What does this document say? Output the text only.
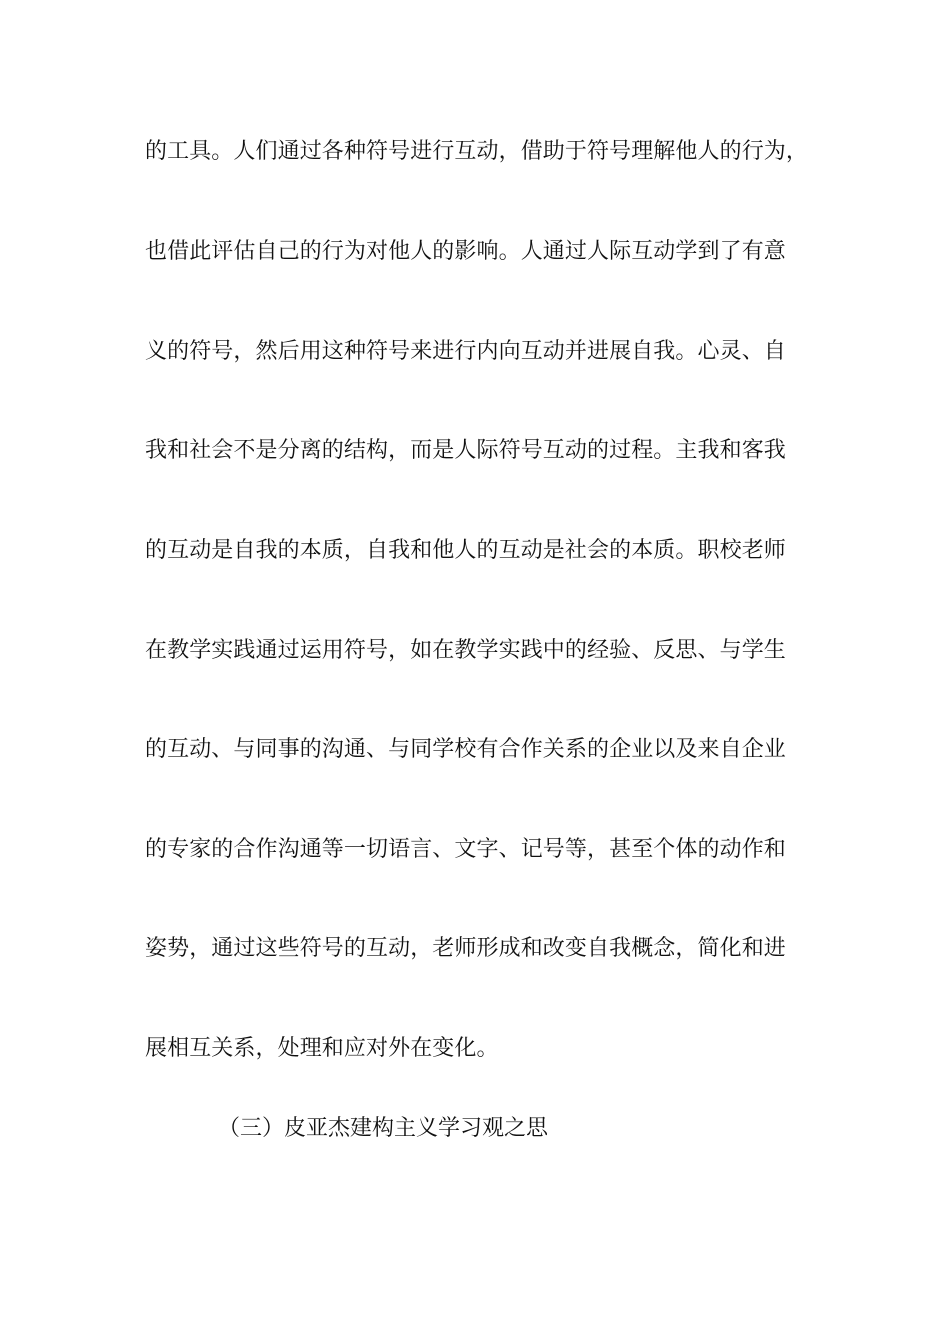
的工具。人们通过各种符号进行互动，借助于符号理解他人的行为，
也借此评估自己的行为对他人的影响。人通过人际互动学到了有意
义的符号，然后用这种符号来进行内向互动并进展自我。心灵、自
我和社会不是分离的结构，而是人际符号互动的过程。主我和客我
的互动是自我的本质，自我和他人的互动是社会的本质。职校老师
在教学实践通过运用符号，如在教学实践中的经验、反思、与学生
的互动、与同事的沟通、与同学校有合作关系的企业以及来自企业
的专家的合作沟通等一切语言、文字、记号等，甚至个体的动作和
姿势，通过这些符号的互动，老师形成和改变自我概念，简化和进
展相互关系，处理和应对外在变化。
（三）皮亚杰建构主义学习观之思
